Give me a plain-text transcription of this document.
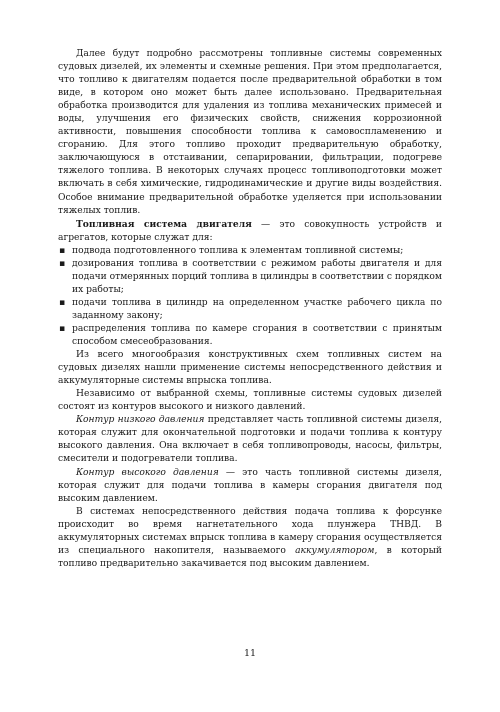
Далее будут подробно рассмотрены топливные системы современных судовых дизелей, их элементы и схемные решения. При этом предполагается, что топливо к двигателям подается после предварительной обработки в том виде, в котором оно может быть далее использовано. Предварительная обработка производится для удаления из топлива механических примесей и воды, улучшения его физических свойств, снижения коррозионной активности, повышения способности топлива к самовоспламенению и сгоранию. Для этого топливо проходит предварительную обработку, заключающуюся в отстаивании, сепарировании, фильтрации, подогреве тяжелого топлива. В некоторых случаях процесс топливоподготовки может включать в себя химические, гидродинамические и другие виды воздействия. Особое внимание предварительной обработке уделяется при использовании тяжелых топлив.

Топливная система двигателя — это совокупность устройств и агрегатов, которые служат для:

▪ подвода подготовленного топлива к элементам топливной системы;
▪ дозирования топлива в соответствии с режимом работы двигателя и для подачи отмерянных порций топлива в цилиндры в соответствии с порядком их работы;
▪ подачи топлива в цилиндр на определенном участке рабочего цикла по заданному закону;
▪ распределения топлива по камере сгорания в соответствии с принятым способом смесеобразования.

Из всего многообразия конструктивных схем топливных систем на судовых дизелях нашли применение системы непосредственного действия и аккумуляторные системы впрыска топлива.

Независимо от выбранной схемы, топливные системы судовых дизелей состоят из контуров высокого и низкого давлений.

Контур низкого давления представляет часть топливной системы дизеля, которая служит для окончательной подготовки и подачи топлива к контуру высокого давления. Она включает в себя топливопроводы, насосы, фильтры, смесители и подогреватели топлива.

Контур высокого давления — это часть топливной системы дизеля, которая служит для подачи топлива в камеры сгорания двигателя под высоким давлением.

В системах непосредственного действия подача топлива к форсунке происходит во время нагнетательного хода плунжера ТНВД. В аккумуляторных системах впрыск топлива в камеру сгорания осуществляется из специального накопителя, называемого аккумулятором, в который топливо предварительно закачивается под высоким давлением.

11
